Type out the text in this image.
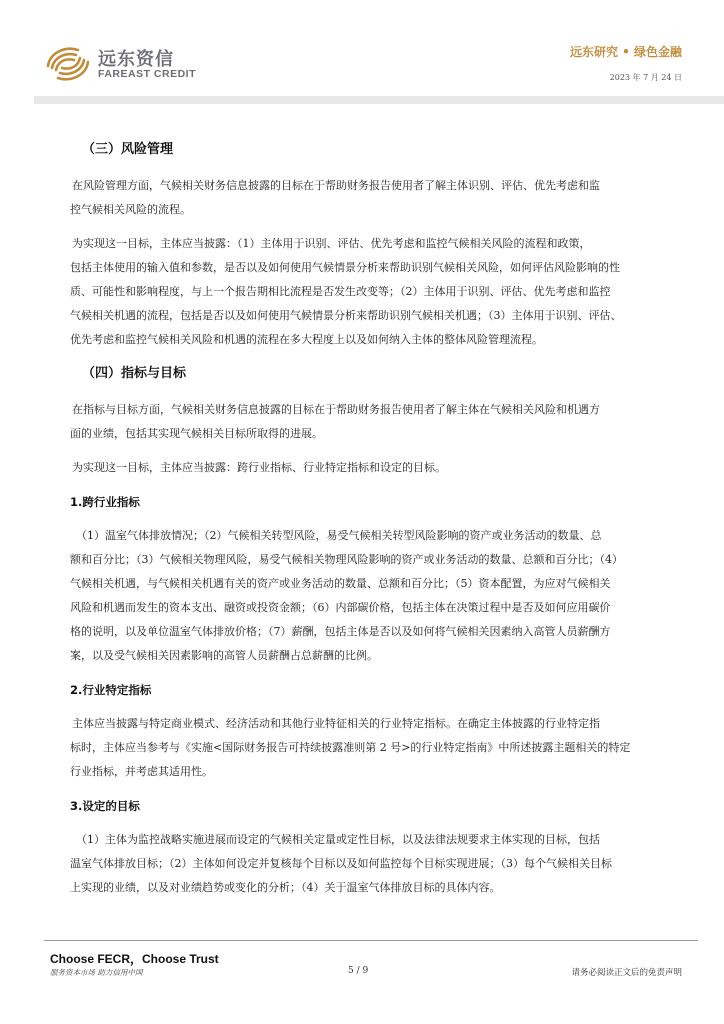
远东资信
FAREAST CREDIT
远东研究 • 绿色金融
2023 年 7 月 24 日
（三）风险管理
在风险管理方面，气候相关财务信息披露的目标在于帮助财务报告使用者了解主体识别、评估、优先考虑和监
控气候相关风险的流程。
为实现这一目标，主体应当披露：（1）主体用于识别、评估、优先考虑和监控气候相关风险的流程和政策，
包括主体使用的输入值和参数，是否以及如何使用气候情景分析来帮助识别气候相关风险，如何评估风险影响的性
质、可能性和影响程度，与上一个报告期相比流程是否发生改变等；（2）主体用于识别、评估、优先考虑和监控
气候相关机遇的流程，包括是否以及如何使用气候情景分析来帮助识别气候相关机遇；（3）主体用于识别、评估、
优先考虑和监控气候相关风险和机遇的流程在多大程度上以及如何纳入主体的整体风险管理流程。
（四）指标与目标
在指标与目标方面，气候相关财务信息披露的目标在于帮助财务报告使用者了解主体在气候相关风险和机遇方
面的业绩，包括其实现气候相关目标所取得的进展。
为实现这一目标，主体应当披露：跨行业指标、行业特定指标和设定的目标。
1.跨行业指标
（1）温室气体排放情况；（2）气候相关转型风险，易受气候相关转型风险影响的资产或业务活动的数量、总
额和百分比；（3）气候相关物理风险，易受气候相关物理风险影响的资产或业务活动的数量、总额和百分比；（4）
气候相关机遇，与气候相关机遇有关的资产或业务活动的数量、总额和百分比；（5）资本配置，为应对气候相关
风险和机遇而发生的资本支出、融资或投资金额；（6）内部碳价格，包括主体在决策过程中是否及如何应用碳价
格的说明，以及单位温室气体排放价格；（7）薪酬，包括主体是否以及如何将气候相关因素纳入高管人员薪酬方
案，以及受气候相关因素影响的高管人员薪酬占总薪酬的比例。
2.行业特定指标
主体应当披露与特定商业模式、经济活动和其他行业特征相关的行业特定指标。在确定主体披露的行业特定指
标时，主体应当参考与《实施<国际财务报告可持续披露准则第 2 号>的行业特定指南》中所述披露主题相关的特定
行业指标，并考虑其适用性。
3.设定的目标
（1）主体为监控战略实施进展而设定的气候相关定量或定性目标，以及法律法规要求主体实现的目标，包括
温室气体排放目标；（2）主体如何设定并复核每个目标以及如何监控每个目标实现进展；（3）每个气候相关目标
上实现的业绩，以及对业绩趋势或变化的分析；（4）关于温室气体排放目标的具体内容。
Choose FECR，Choose Trust
服务资本市场 助力信用中国	5 / 9	请务必阅读正文后的免责声明
